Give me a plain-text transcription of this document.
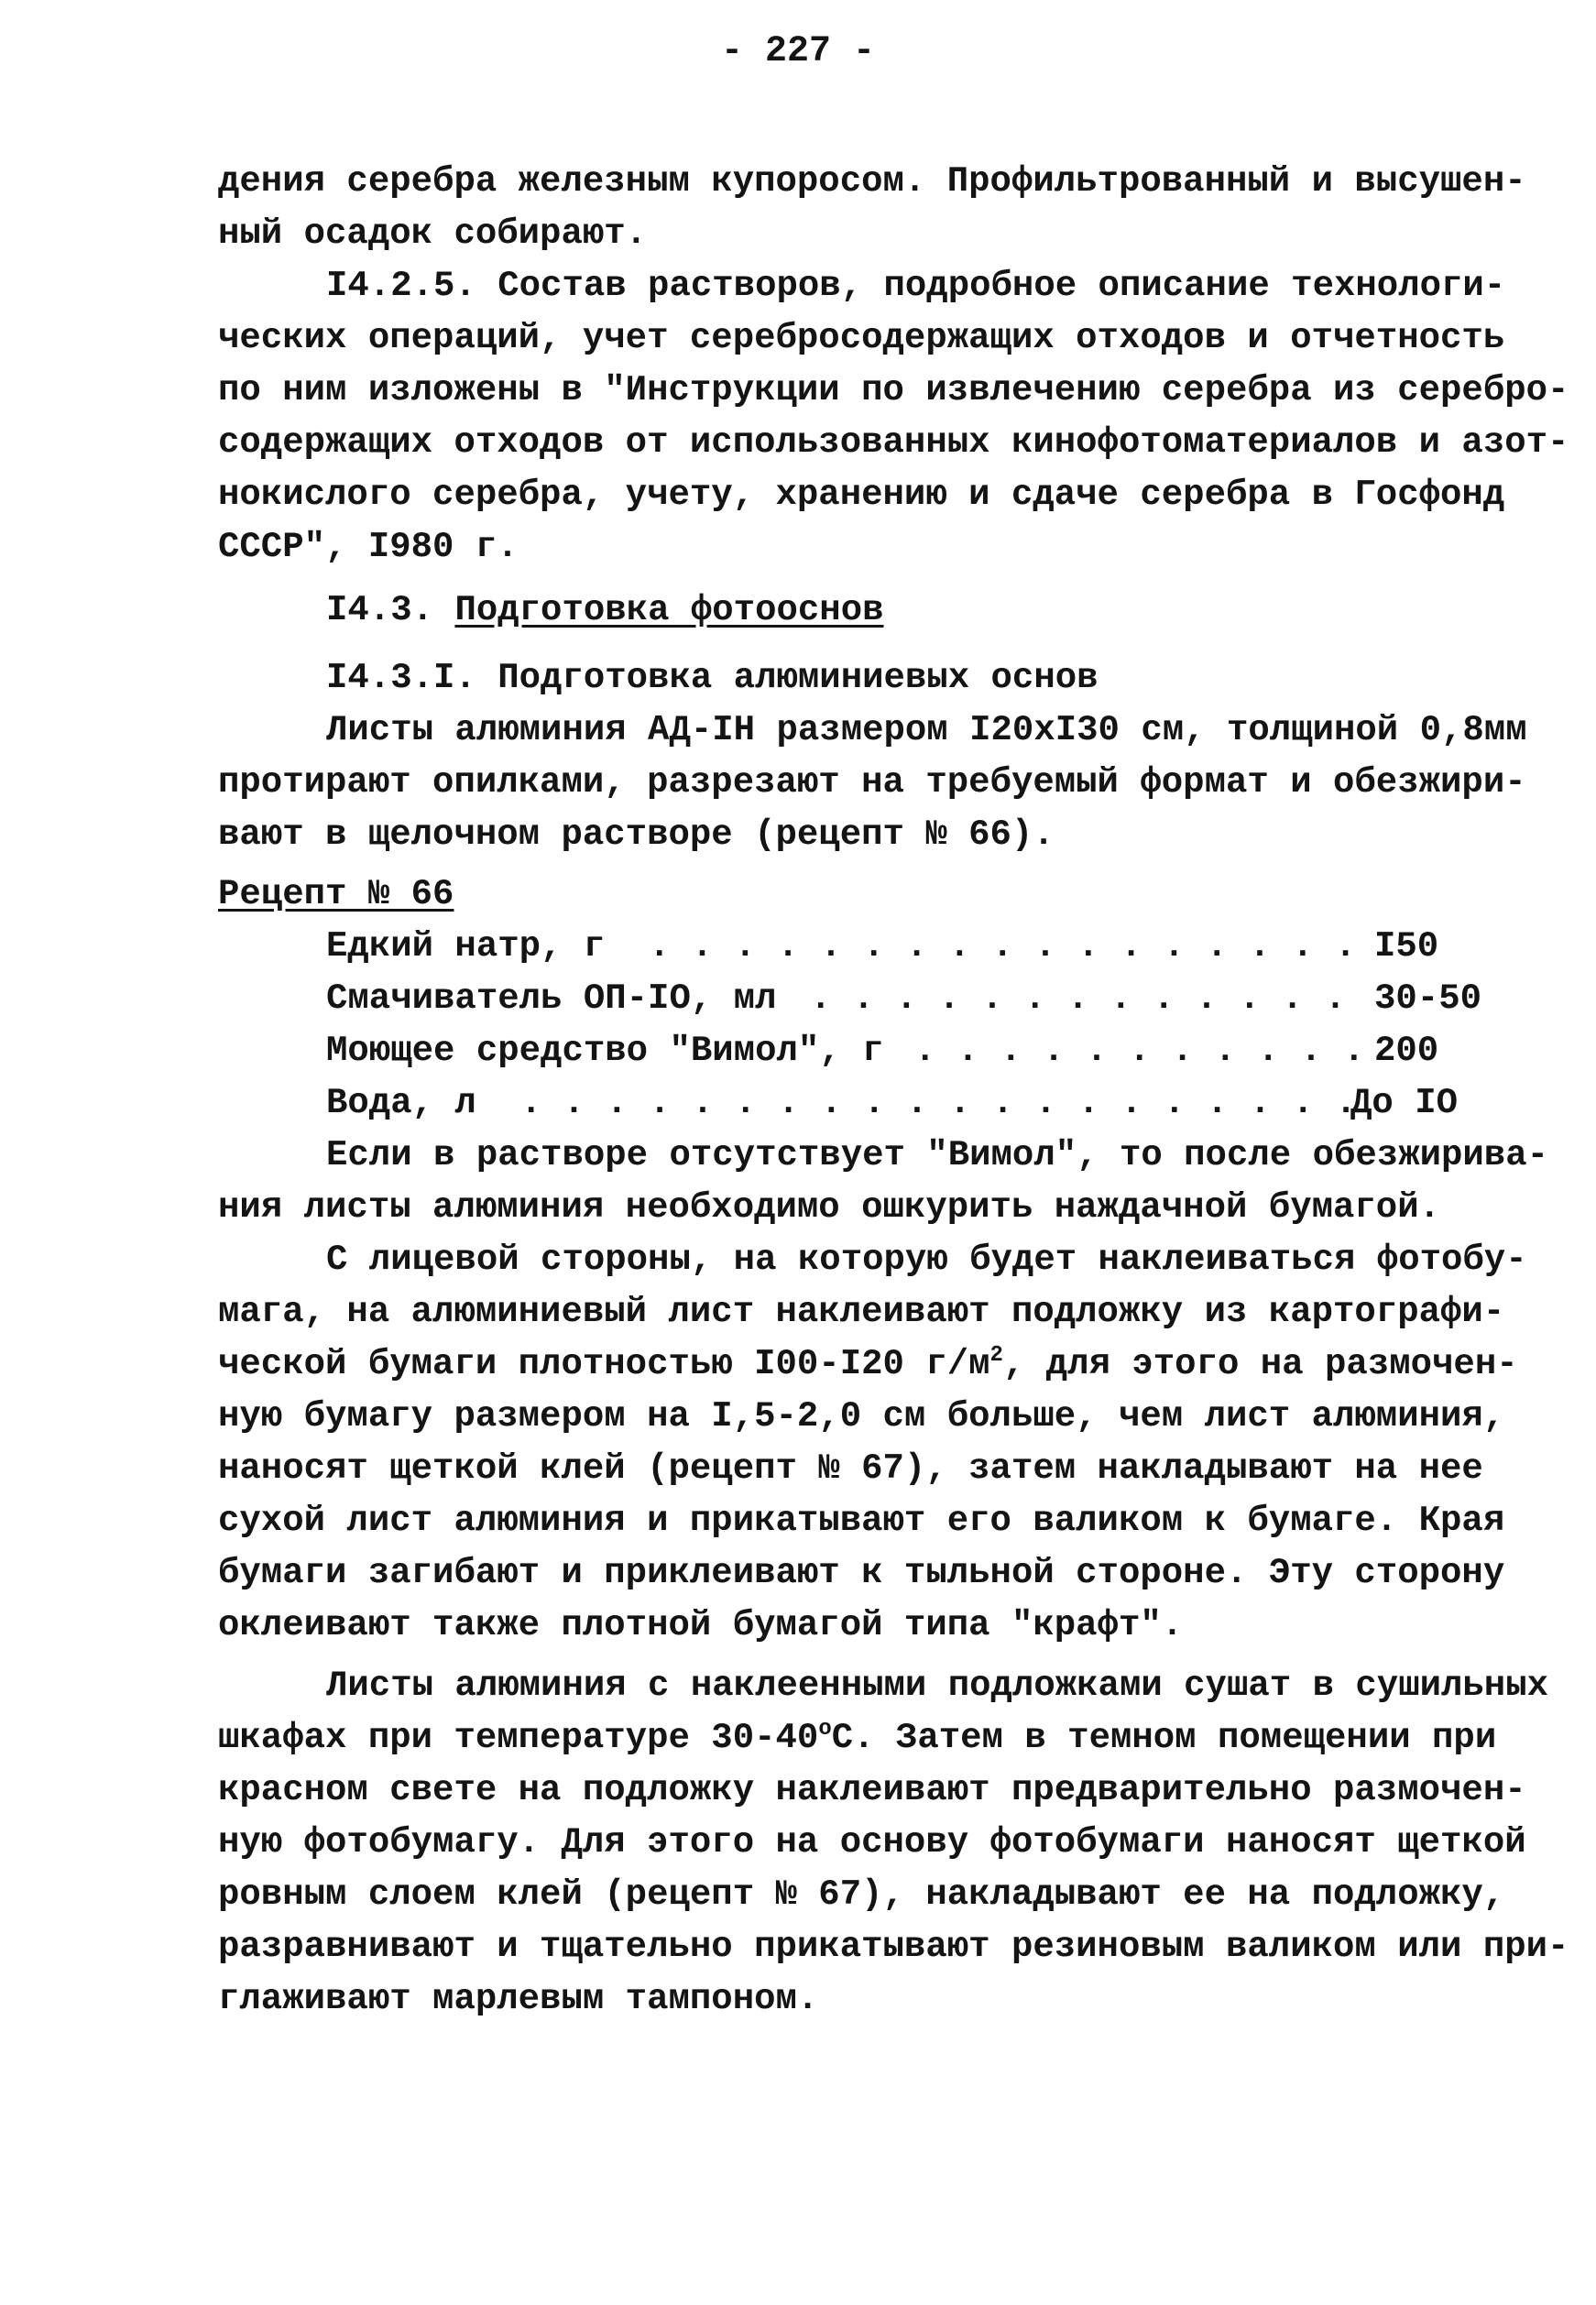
- 227 -
дения серебра железным купоросом. Профильтрованный и высушен-
ный осадок собирают.
I4.2.5. Состав растворов, подробное описание технологи-
ческих операций, учет серебросодержащих отходов и отчетность
по ним изложены в "Инструкции по извлечению серебра из серебро-
содержащих отходов от использованных кинофотоматериалов и азот-
нокислого серебра, учету, хранению и сдаче серебра в Госфонд
СССР", I980 г.
I4.3. Подготовка фотооснов
I4.3.I. Подготовка алюминиевых основ
Листы алюминия АД-IН размером I20хI30 см, толщиной 0,8мм
протирают опилками, разрезают на требуемый формат и обезжири-
вают в щелочном растворе (рецепт № 66).
Рецепт № 66

Едкий натр, г

. . . . . . . . . . . . . . . . .

I50

Смачиватель ОП-IО, мл

. . . . . . . . . . . . .

30-50

Моющее средство "Вимол", г

. . . . . . . . . . .

200

Вода, л

. . . . . . . . . . . . . . . . . . . .

До IО

Если в растворе отсутствует "Вимол", то после обезжирива-
ния листы алюминия необходимо ошкурить наждачной бумагой.
С лицевой стороны, на которую будет наклеиваться фотобу-
мага, на алюминиевый лист наклеивают подложку из картографи-
ческой бумаги плотностью I00-I20 $г/м^2$, для этого на размочен-
ную бумагу размером на I,5-2,0 см больше, чем лист алюминия,
наносят щеткой клей (рецепт № 67), затем накладывают на нее
сухой лист алюминия и прикатывают его валиком к бумаге. Края
бумаги загибают и приклеивают к тыльной стороне. Эту сторону
оклеивают также плотной бумагой типа "крафт".
Листы алюминия с наклеенными подложками сушат в сушильных
шкафах при температуре $30-40^оС$. Затем в темном помещении при
красном свете на подложку наклеивают предварительно размочен-
ную фотобумагу. Для этого на основу фотобумаги наносят щеткой
ровным слоем клей (рецепт № 67), накладывают ее на подложку,
разравнивают и тщательно прикатывают резиновым валиком или при-
глаживают марлевым тампоном.
